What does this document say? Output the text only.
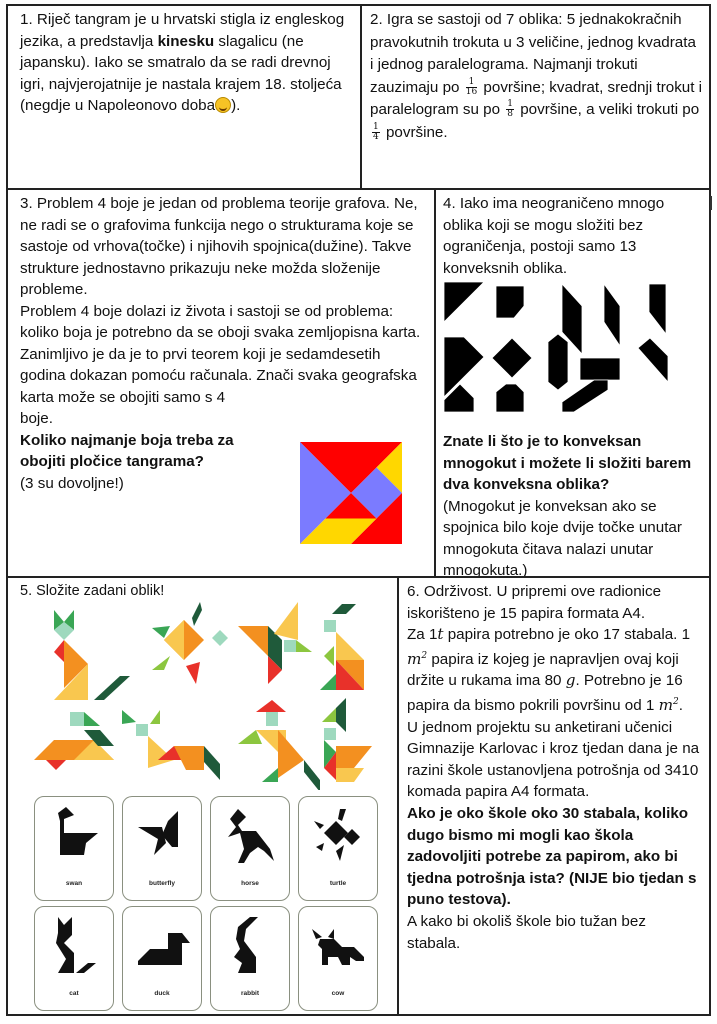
1. Riječ tangram je u hrvatski stigla iz engleskog jezika, a predstavlja kinesku slagalicu (ne japansku). Iako se smatralo da se radi drevnoj igri, najvjerojatnije je nastala krajem 18. stoljeća (negdje u Napoleonovo doba ).
2. Igra se sastoji od 7 oblika: 5 jednakokračnih pravokutnih trokuta u 3 veličine, jednog kvadrata i jednog paralelograma. Najmanji trokuti zauzimaju po $\frac{1}{16}$ površine; kvadrat, srednji trokut i paralelogram su po $\frac{1}{8}$ površine, a veliki trokuti po
$\frac{1}{4}$ površine.
3. Problem 4 boje je jedan od problema teorije grafova. Ne, ne radi se o grafovima funkcija nego o strukturama koje se sastoje od vrhova(točke) i njihovih spojnica(dužine). Takve strukture jednostavno prikazuju neke možda složenije probleme.
Problem 4 boje dolazi iz života i sastoji se od problema: koliko boja je potrebno da se oboji svaka zemljopisna karta. Zanimljivo je da je to prvi teorem koji je sedamdesetih godina dokazan pomoću računala. Znači svaka geografska
karta može se obojiti samo s 4
boje.
Koliko najmanje boja treba za
obojiti pločice tangrama?
(3 su dovoljne!)
4. Iako ima neograničeno mnogo oblika koji se mogu složiti bez ograničenja, postoji samo 13 konveksnih oblika.
Znate li što je to konveksan mnogokut i možete li složiti barem dva konveksna oblika?
(Mnogokut je konveksan ako se spojnica bilo koje dvije točke unutar mnogokuta čitava nalazi unutar mnogokuta.)
5. Složite zadani oblik!
swan	butterfly	horse	turtle
cat	duck	rabbit	cow
6. Održivost. U pripremi ove radionice iskorišteno je 15 papira formata A4.
Za 1t papira potrebno je oko 17 stabala. 1 $m^2$ papira iz kojeg je napravljen ovaj koji držite u rukama ima 80 g. Potrebno je 16 papira da bismo pokrili površinu od 1 $m^2$.
U jednom projektu su anketirani učenici Gimnazije Karlovac i kroz tjedan dana je na razini škole ustanovljena potrošnja od 3410 komada papira A4 formata.
Ako je oko škole oko 30 stabala, koliko dugo bismo mi mogli kao škola zadovoljiti potrebe za papirom, ako bi tjedna potrošnja ista? (NIJE bio tjedan s puno testova).
A kako bi okoliš škole bio tužan bez stabala.
